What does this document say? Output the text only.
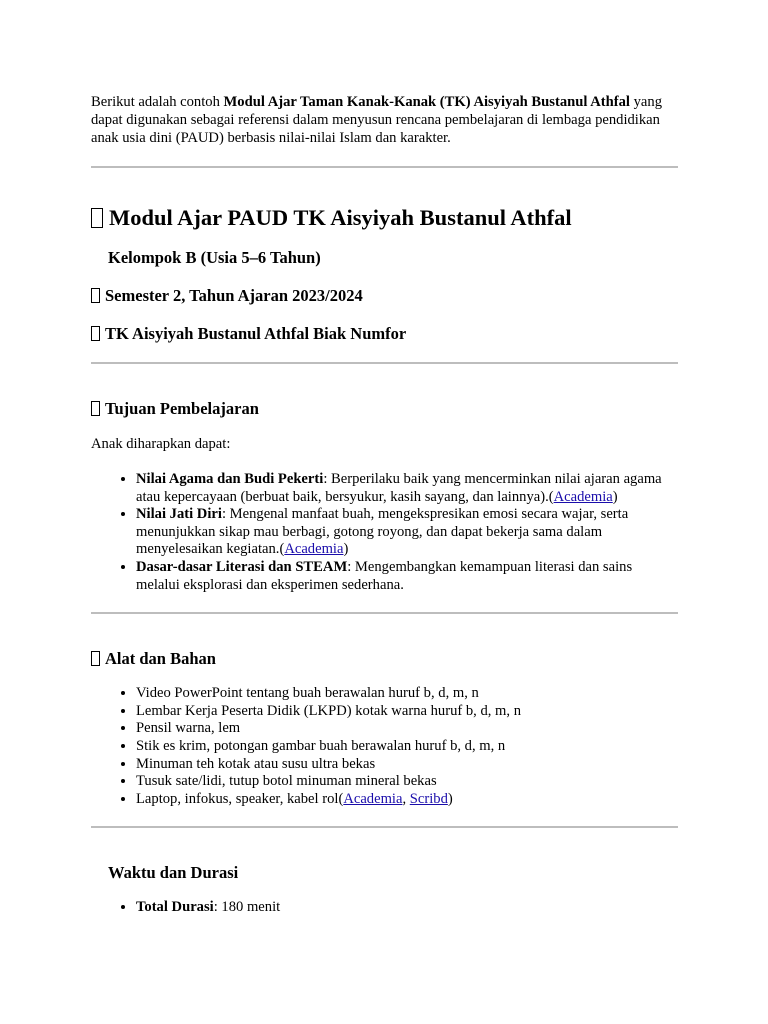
Berikut adalah contoh Modul Ajar Taman Kanak-Kanak (TK) Aisyiyah Bustanul Athfal yang dapat digunakan sebagai referensi dalam menyusun rencana pembelajaran di lembaga pendidikan anak usia dini (PAUD) berbasis nilai-nilai Islam dan karakter.

Modul Ajar PAUD TK Aisyiyah Bustanul Athfal
Kelompok B (Usia 5–6 Tahun)
Semester 2, Tahun Ajaran 2023/2024
TK Aisyiyah Bustanul Athfal Biak Numfor
Tujuan Pembelajaran

Anak diharapkan dapat:

• Nilai Agama dan Budi Pekerti: Berperilaku baik yang mencerminkan nilai ajaran agama atau kepercayaan (berbuat baik, bersyukur, kasih sayang, dan lainnya).(Academia)
• Nilai Jati Diri: Mengenal manfaat buah, mengekspresikan emosi secara wajar, serta menunjukkan sikap mau berbagi, gotong royong, dan dapat bekerja sama dalam menyelesaikan kegiatan.(Academia)
• Dasar-dasar Literasi dan STEAM: Mengembangkan kemampuan literasi dan sains melalui eksplorasi dan eksperimen sederhana.
Alat dan Bahan
• Video PowerPoint tentang buah berawalan huruf b, d, m, n
• Lembar Kerja Peserta Didik (LKPD) kotak warna huruf b, d, m, n
• Pensil warna, lem
• Stik es krim, potongan gambar buah berawalan huruf b, d, m, n
• Minuman teh kotak atau susu ultra bekas
• Tusuk sate/lidi, tutup botol minuman mineral bekas
• Laptop, infokus, speaker, kabel rol(Academia, Scribd)
Waktu dan Durasi
• Total Durasi: 180 menit
